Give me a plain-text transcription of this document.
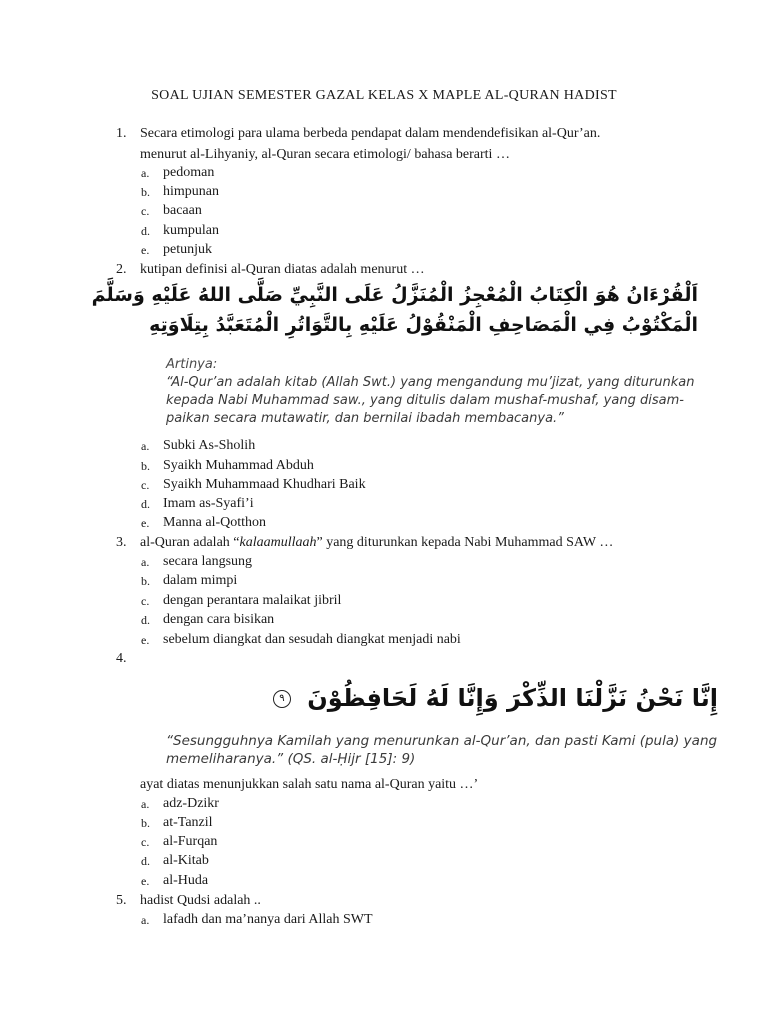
SOAL UJIAN SEMESTER GAZAL KELAS X MAPLE AL-QURAN HADIST
1. Secara etimologi para ulama berbeda pendapat dalam mendendefisikan al-Qur’an.
menurut al-Lihyaniy, al-Quran secara etimologi/ bahasa berarti …
a. pedoman
b. himpunan
c. bacaan
d. kumpulan
e. petunjuk
2. kutipan definisi al-Quran diatas adalah menurut …
اَلْقُرْءَانُ هُوَ الْكِتَابُ الْمُعْجِزُ الْمُنَزَّلُ عَلَى النَّبِيِّ صَلَّى اللهُ عَلَيْهِ وَسَلَّمَ
الْمَكْتُوْبُ فِي الْمَصَاحِفِ الْمَنْقُوْلُ عَلَيْهِ بِالتَّوَاتُرِ الْمُتَعَبَّدُ بِتِلَاوَتِهِ
Artinya:
“Al-Qur’an adalah kitab (Allah Swt.) yang mengandung mu’jizat, yang diturunkan
kepada Nabi Muhammad saw., yang ditulis dalam mushaf-mushaf, yang disam-
paikan secara mutawatir, dan bernilai ibadah membacanya.”
a. Subki As-Sholih
b. Syaikh Muhammad Abduh
c. Syaikh Muhammaad Khudhari Baik
d. Imam as-Syafi’i
e. Manna al-Qotthon
3. al-Quran adalah “kalaamullaah” yang diturunkan kepada Nabi Muhammad SAW …
a. secara langsung
b. dalam mimpi
c. dengan perantara malaikat jibril
d. dengan cara bisikan
e. sebelum diangkat dan sesudah diangkat menjadi nabi
4.
إِنَّا نَحْنُ نَزَّلْنَا الذِّكْرَ وَإِنَّا لَهُ لَحَافِظُوْنَ ٩
“Sesungguhnya Kamilah yang menurunkan al-Qur’an, dan pasti Kami (pula) yang
memeliharanya.” (QS. al-Ḥijr [15]: 9)
ayat diatas menunjukkan salah satu nama al-Quran yaitu …’
a. adz-Dzikr
b. at-Tanzil
c. al-Furqan
d. al-Kitab
e. al-Huda
5. hadist Qudsi adalah ..
a. lafadh dan ma’nanya dari Allah SWT
